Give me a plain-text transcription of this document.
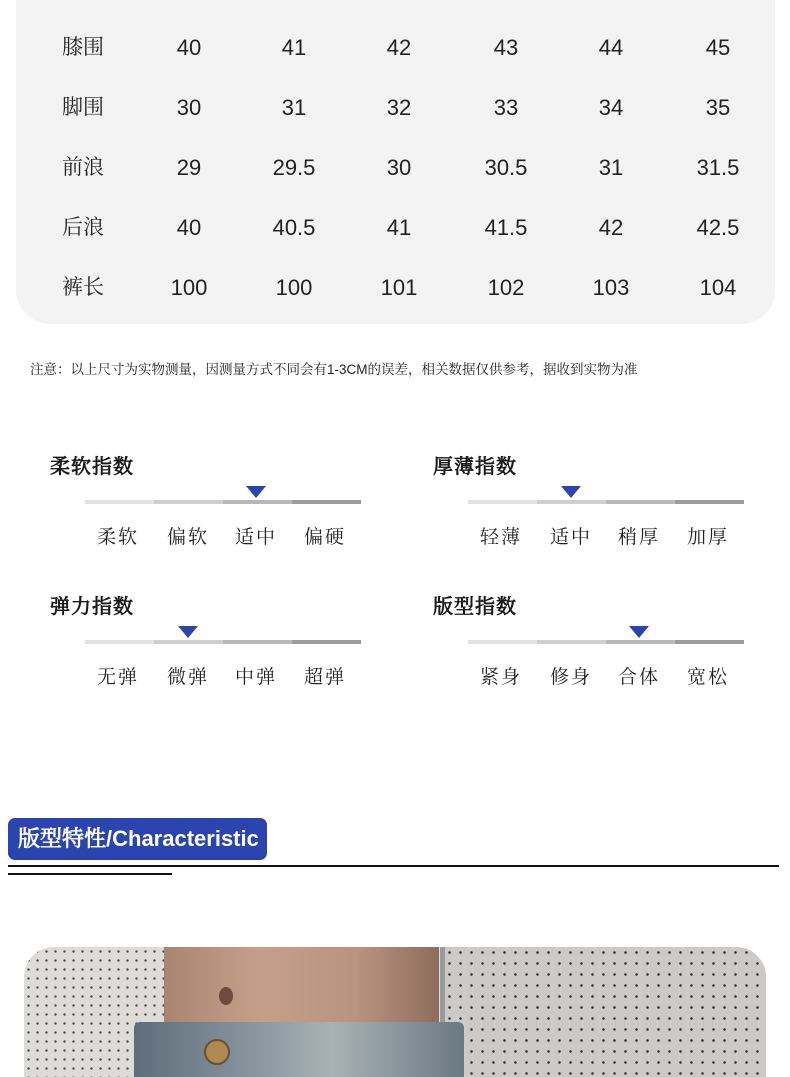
膝围	40	41	42	43	44	45
脚围	30	31	32	33	34	35
前浪	29	29.5	30	30.5	31	31.5
后浪	40	40.5	41	41.5	42	42.5
裤长	100	100	101	102	103	104
注意：以上尺寸为实物测量，因测量方式不同会有1-3CM的误差，相关数据仅供参考，据收到实物为准
柔软指数
柔软	偏软	适中	偏硬
厚薄指数
轻薄	适中	稍厚	加厚
弹力指数
无弹	微弹	中弹	超弹
版型指数
紧身	修身	合体	宽松
版型特性/Characteristic
